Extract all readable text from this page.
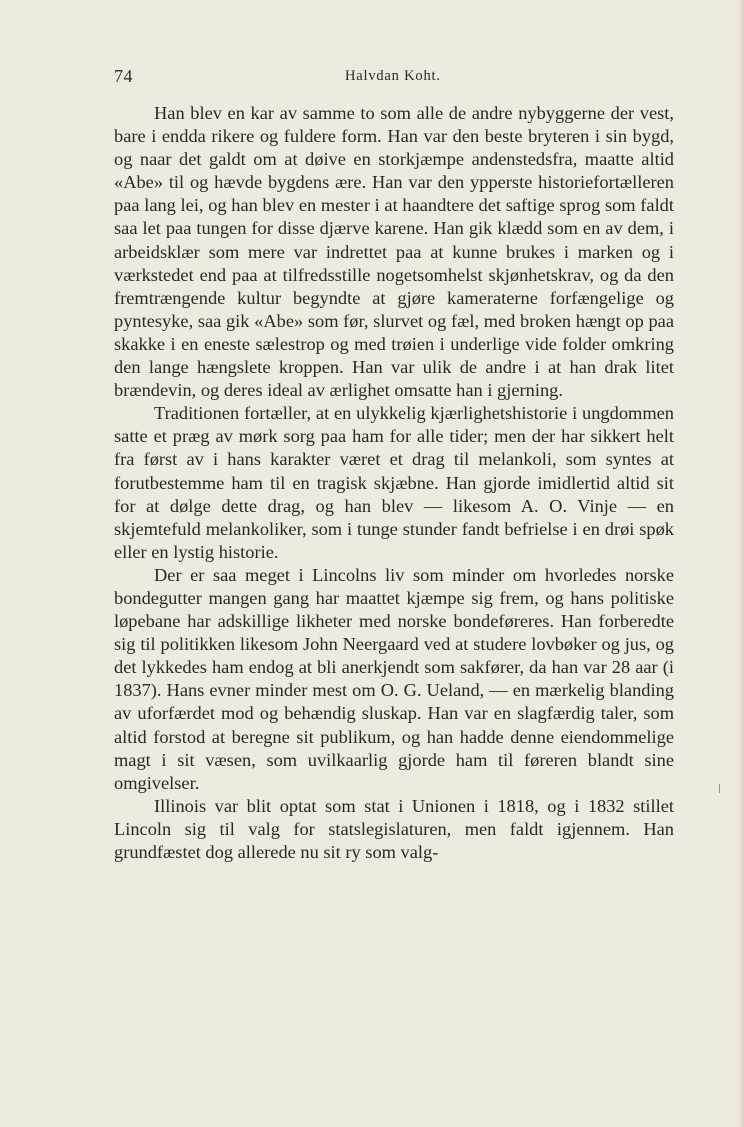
74	Halvdan Koht.

Han blev en kar av samme to som alle de andre nybyggerne der vest, bare i endda rikere og fuldere form. Han var den beste bryteren i sin bygd, og naar det galdt om at døive en storkjæmpe andenstedsfra, maatte altid «Abe» til og hævde bygdens ære. Han var den ypperste historiefortælleren paa lang lei, og han blev en mester i at haandtere det saftige sprog som faldt saa let paa tungen for disse djærve karene. Han gik klædd som en av dem, i arbeidsklær som mere var indrettet paa at kunne brukes i marken og i værkstedet end paa at tilfredsstille nogetsomhelst skjønhetskrav, og da den fremtrængende kultur begyndte at gjøre kameraterne forfængelige og pyntesyke, saa gik «Abe» som før, slurvet og fæl, med broken hængt op paa skakke i en eneste sælestrop og med trøien i underlige vide folder omkring den lange hængslete kroppen. Han var ulik de andre i at han drak litet brændevin, og deres ideal av ærlighet omsatte han i gjerning.

Traditionen fortæller, at en ulykkelig kjærlighetshistorie i ungdommen satte et præg av mørk sorg paa ham for alle tider; men der har sikkert helt fra først av i hans karakter været et drag til melankoli, som syntes at forutbestemme ham til en tragisk skjæbne. Han gjorde imidlertid altid sit for at dølge dette drag, og han blev — likesom A. O. Vinje — en skjemtefuld melankoliker, som i tunge stunder fandt befrielse i en drøi spøk eller en lystig historie.

Der er saa meget i Lincolns liv som minder om hvorledes norske bondegutter mangen gang har maattet kjæmpe sig frem, og hans politiske løpebane har adskillige likheter med norske bondeføreres. Han forberedte sig til politikken likesom John Neergaard ved at studere lovbøker og jus, og det lykkedes ham endog at bli anerkjendt som sakfører, da han var 28 aar (i 1837). Hans evner minder mest om O. G. Ueland, — en mærkelig blanding av uforfærdet mod og behændig sluskap. Han var en slagfærdig taler, som altid forstod at beregne sit publikum, og han hadde denne eiendommelige magt i sit væsen, som uvilkaarlig gjorde ham til føreren blandt sine omgivelser.

Illinois var blit optat som stat i Unionen i 1818, og i 1832 stillet Lincoln sig til valg for statslegislaturen, men faldt igjennem. Han grundfæstet dog allerede nu sit ry som valg-
